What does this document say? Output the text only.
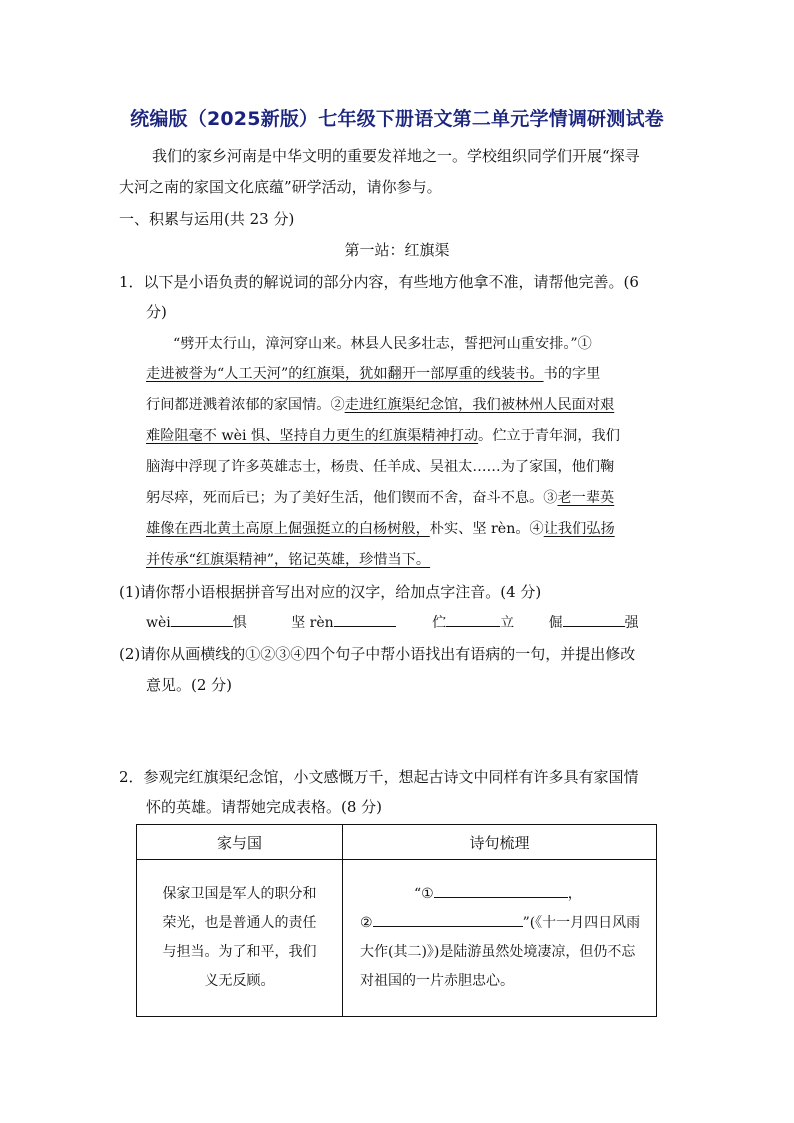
统编版（2025新版）七年级下册语文第二单元学情调研测试卷
我们的家乡河南是中华文明的重要发祥地之一。学校组织同学们开展“探寻
大河之南的家国文化底蕴”研学活动，请你参与。
一、积累与运用(共 23 分)
第一站：红旗渠
1．以下是小语负责的解说词的部分内容，有些地方他拿不准，请帮他完善。(6
分)
“劈开太行山，漳河穿山来。林县人民多壮志，誓把河山重安排。”①
走进被誉为“人工天河”的红旗渠，犹如翻开一部厚重的线装书。书的字里
行间都迸溅着浓郁的家国情。②走进红旗渠纪念馆，我们被林州人民面对艰
难险阻毫不 wèi 惧、坚持自力更生的红旗渠精神打动。伫立于青年洞，我们
脑海中浮现了许多英雄志士，杨贵、任羊成、吴祖太……为了家国，他们鞠
躬尽瘁，死而后已；为了美好生活，他们锲而不舍，奋斗不息。③老一辈英
雄像在西北黄土高原上倔强挺立的白杨树般，朴实、坚 rèn。④让我们弘扬
并传承“红旗渠精神”，铭记英雄，珍惜当下。
(1)请你帮小语根据拼音写出对应的汉字，给加点字注音。(4 分)
wèi	惧	坚 rèn	伫	立 倔	强
(2)请你从画横线的①②③④四个句子中帮小语找出有语病的一句，并提出修改
意见。(2 分)
2．参观完红旗渠纪念馆，小文感慨万千，想起古诗文中同样有许多具有家国情
怀的英雄。请帮她完成表格。(8 分)
家与国	诗句梳理

保家卫国是军人的职分和荣光，也是普通人的责任与担当。为了和平，我们义无反顾。	“① ，
② ”(《十一月四日风雨大作(其二)》)是陆游虽然处境凄凉，但仍不忘对祖国的一片赤胆忠心。
